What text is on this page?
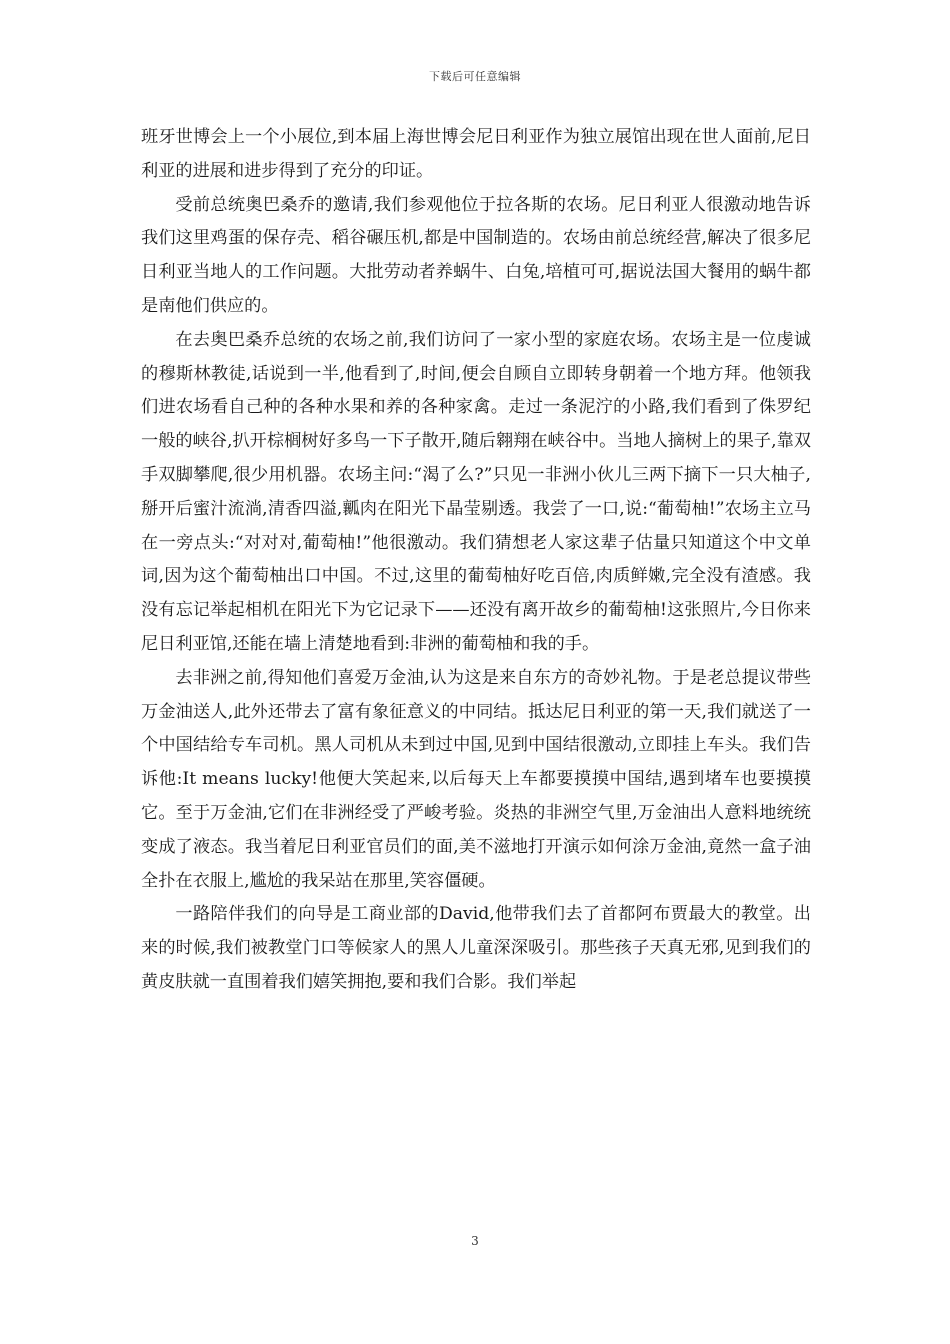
下载后可任意编辑

班牙世博会上一个小展位,到本届上海世博会尼日利亚作为独立展馆出现在世人面前,尼日利亚的进展和进步得到了充分的印证。

受前总统奥巴桑乔的邀请,我们参观他位于拉各斯的农场。尼日利亚人很激动地告诉我们这里鸡蛋的保存壳、稻谷碾压机,都是中国制造的。农场由前总统经营,解决了很多尼日利亚当地人的工作问题。大批劳动者养蜗牛、白兔,培植可可,据说法国大餐用的蜗牛都是南他们供应的。

在去奥巴桑乔总统的农场之前,我们访问了一家小型的家庭农场。农场主是一位虔诚的穆斯林教徒,话说到一半,他看到了,时间,便会自顾自立即转身朝着一个地方拜。他领我们进农场看自己种的各种水果和养的各种家禽。走过一条泥泞的小路,我们看到了侏罗纪一般的峡谷,扒开棕榈树好多鸟一下子散开,随后翱翔在峡谷中。当地人摘树上的果子,靠双手双脚攀爬,很少用机器。农场主问:“渴了么?”只见一非洲小伙儿三两下摘下一只大柚子,掰开后蜜汁流淌,清香四溢,瓤肉在阳光下晶莹剔透。我尝了一口,说:“葡萄柚!”农场主立马在一旁点头:“对对对,葡萄柚!”他很激动。我们猜想老人家这辈子估量只知道这个中文单词,因为这个葡萄柚出口中国。不过,这里的葡萄柚好吃百倍,肉质鲜嫩,完全没有渣感。我没有忘记举起相机在阳光下为它记录下——还没有离开故乡的葡萄柚!这张照片,今日你来尼日利亚馆,还能在墙上清楚地看到:非洲的葡萄柚和我的手。

去非洲之前,得知他们喜爱万金油,认为这是来自东方的奇妙礼物。于是老总提议带些万金油送人,此外还带去了富有象征意义的中同结。抵达尼日利亚的第一天,我们就送了一个中国结给专车司机。黑人司机从未到过中国,见到中国结很激动,立即挂上车头。我们告诉他:It means lucky!他便大笑起来,以后每天上车都要摸摸中国结,遇到堵车也要摸摸它。至于万金油,它们在非洲经受了严峻考验。炎热的非洲空气里,万金油出人意料地统统变成了液态。我当着尼日利亚官员们的面,美不滋地打开演示如何涂万金油,竟然一盒子油全扑在衣服上,尴尬的我呆站在那里,笑容僵硬。

一路陪伴我们的向导是工商业部的David,他带我们去了首都阿布贾最大的教堂。出来的时候,我们被教堂门口等候家人的黑人儿童深深吸引。那些孩子天真无邪,见到我们的黄皮肤就一直围着我们嬉笑拥抱,要和我们合影。我们举起

3
